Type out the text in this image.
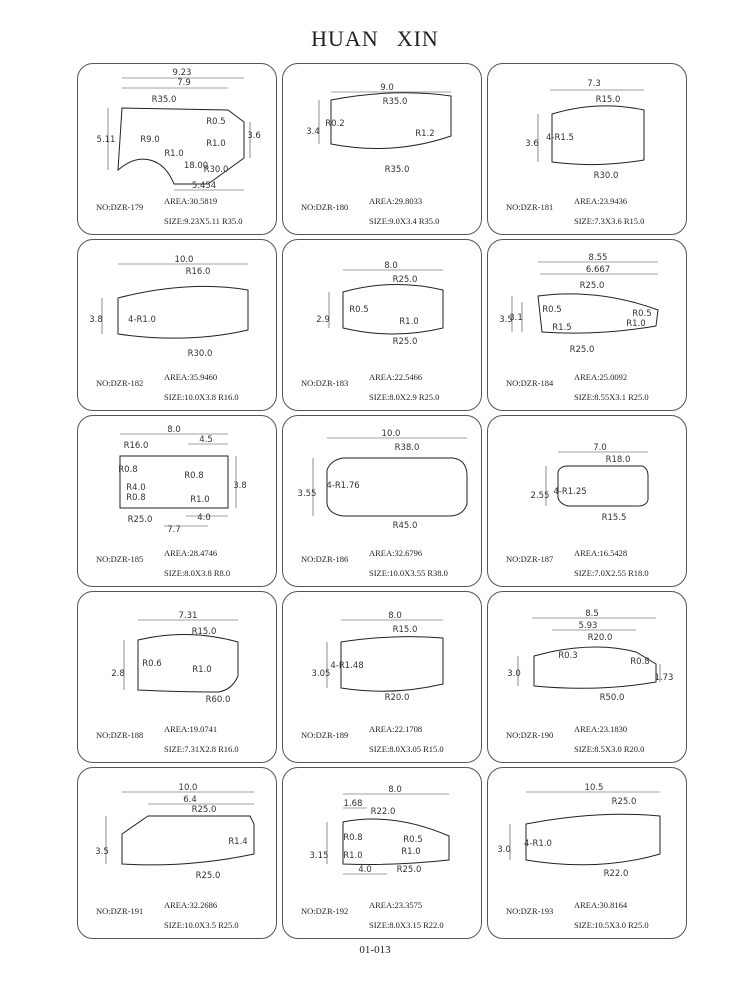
HUAN XIN
9.23
7.9
R35.0
R0.5
R9.0	R1.0
3.6
5.11
R1.0
R30.0
5.454
18.00
NO:DZR-179
AREA:30.5819
SIZE:9.23X5.11 R35.0
9.0
R35.0
3.4
R0.2
R1.2
R35.0
NO:DZR-180
AREA:29.8033
SIZE:9.0X3.4 R35.0
7.3
R15.0
3.6
4-R1.5
R30.0
NO:DZR-181
AREA:23.9436
SIZE:7.3X3.6 R15.0
10.0
R16.0
3.8	4-R1.0
R30.0
NO:DZR-182
AREA:35.9460
SIZE:10.0X3.8 R16.0
8.0
R25.0
2.9
R0.5
R1.0
R25.0
NO:DZR-183
AREA:22.5466
SIZE:8.0X2.9 R25.0
8.55
6.667
R25.0
3.5
3.1
R0.5	R0.5
R1.5	R1.0
R25.0
NO:DZR-184
AREA:25.0092
SIZE:8.55X3.1 R25.0
8.0
R16.0
4.5
R0.8
R0.8
R4.0
R0.8
3.8
R1.0
R25.0	4.0
7.7
NO:DZR-185
AREA:28.4746
SIZE:8.0X3.8 R8.0
10.0
R38.0
3.55
4-R1.76
R45.0
NO:DZR-186
AREA:32.6796
SIZE:10.0X3.55 R38.0
7.0
R18.0
2.55 4-R1.25
R15.5
NO:DZR-187
AREA:16.5428
SIZE:7.0X2.55 R18.0
7.31
R15.0
2.8
R0.6
R1.0
R60.0
NO:DZR-188
AREA:19.0741
SIZE:7.31X2.8 R16.0
8.0
R15.0
3.05
4-R1.48
R20.0
NO:DZR-189
AREA:22.1708
SIZE:8.0X3.05 R15.0
8.5
5.93
R20.0
R0.3
3.0
R0.8
1.73
R50.0
NO:DZR-190
AREA:23.1830
SIZE:8.5X3.0 R20.0
10.0
6.4
R25.0
3.5
R1.4
R25.0
NO:DZR-191
AREA:32.2686
SIZE:10.0X3.5 R25.0
8.0
1.68
R22.0
3.15
R0.8	R0.5
R1.0	R1.0
4.0	R25.0
NO:DZR-192
AREA:23.3575
SIZE:8.0X3.15 R22.0
10.5
R25.0
3.0
4-R1.0
R22.0
NO:DZR-193
AREA:30.8164
SIZE:10.5X3.0 R25.0
01-013
